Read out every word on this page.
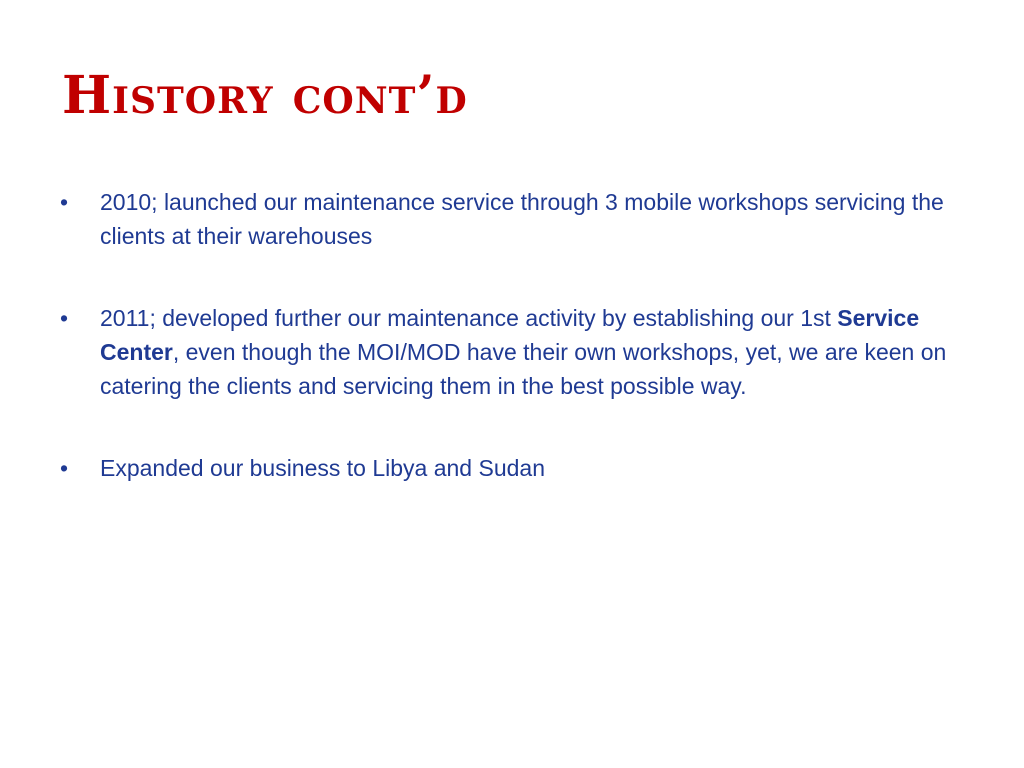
History cont’d
•	2010; launched our maintenance service through 3 mobile workshops servicing the clients at their warehouses
•	2011; developed further our maintenance activity by establishing our 1st Service Center, even though the MOI/MOD have their own workshops, yet, we are keen on catering the clients and servicing them in the best possible way.
•	Expanded our business to Libya and Sudan
